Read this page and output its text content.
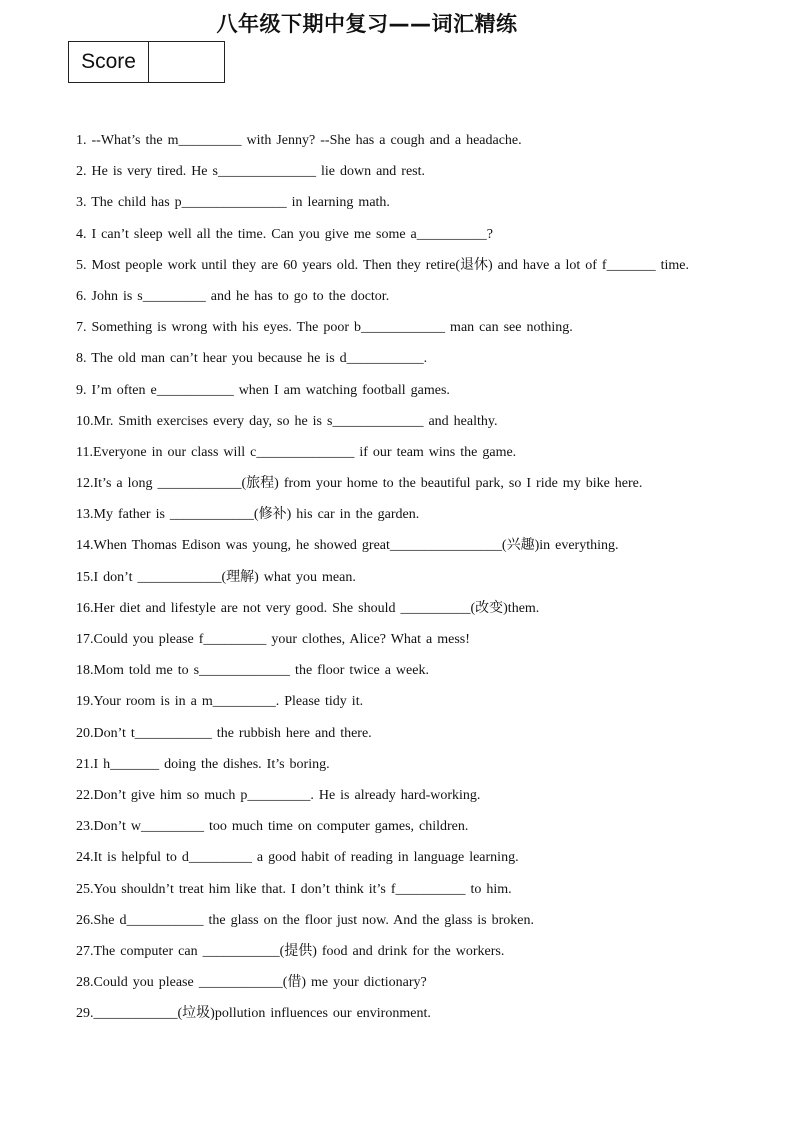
八年级下期中复习——词汇精练
Score
1. --What’s the m_________ with Jenny? --She has a cough and a headache.
2. He is very tired. He s______________ lie down and rest.
3. The child has p_______________ in learning math.
4. I can’t sleep well all the time. Can you give me some a__________?
5. Most people work until they are 60 years old. Then they retire(退休) and have a lot of f_______ time.
6. John is s_________ and he has to go to the doctor.
7. Something is wrong with his eyes. The poor b____________ man can see nothing.
8. The old man can’t hear you because he is d___________.
9. I’m often e___________ when I am watching football games.
10.Mr. Smith exercises every day, so he is s_____________ and healthy.
11.Everyone in our class will c______________ if our team wins the game.
12.It’s a long ____________(旅程) from your home to the beautiful park, so I ride my bike here.
13.My father is ____________(修补) his car in the garden.
14.When Thomas Edison was young, he showed great________________(兴趣)in everything.
15.I don’t ____________(理解) what you mean.
16.Her diet and lifestyle are not very good. She should __________(改变)them.
17.Could you please f_________ your clothes, Alice? What a mess!
18.Mom told me to s_____________ the floor twice a week.
19.Your room is in a m_________. Please tidy it.
20.Don’t t___________ the rubbish here and there.
21.I h_______ doing the dishes. It’s boring.
22.Don’t give him so much p_________. He is already hard-working.
23.Don’t w_________ too much time on computer games, children.
24.It is helpful to d_________ a good habit of reading in language learning.
25.You shouldn’t treat him like that. I don’t think it’s f__________ to him.
26.She d___________ the glass on the floor just now. And the glass is broken.
27.The computer can ___________(提供) food and drink for the workers.
28.Could you please ____________(借) me your dictionary?
29.____________(垃圾)pollution influences our environment.
